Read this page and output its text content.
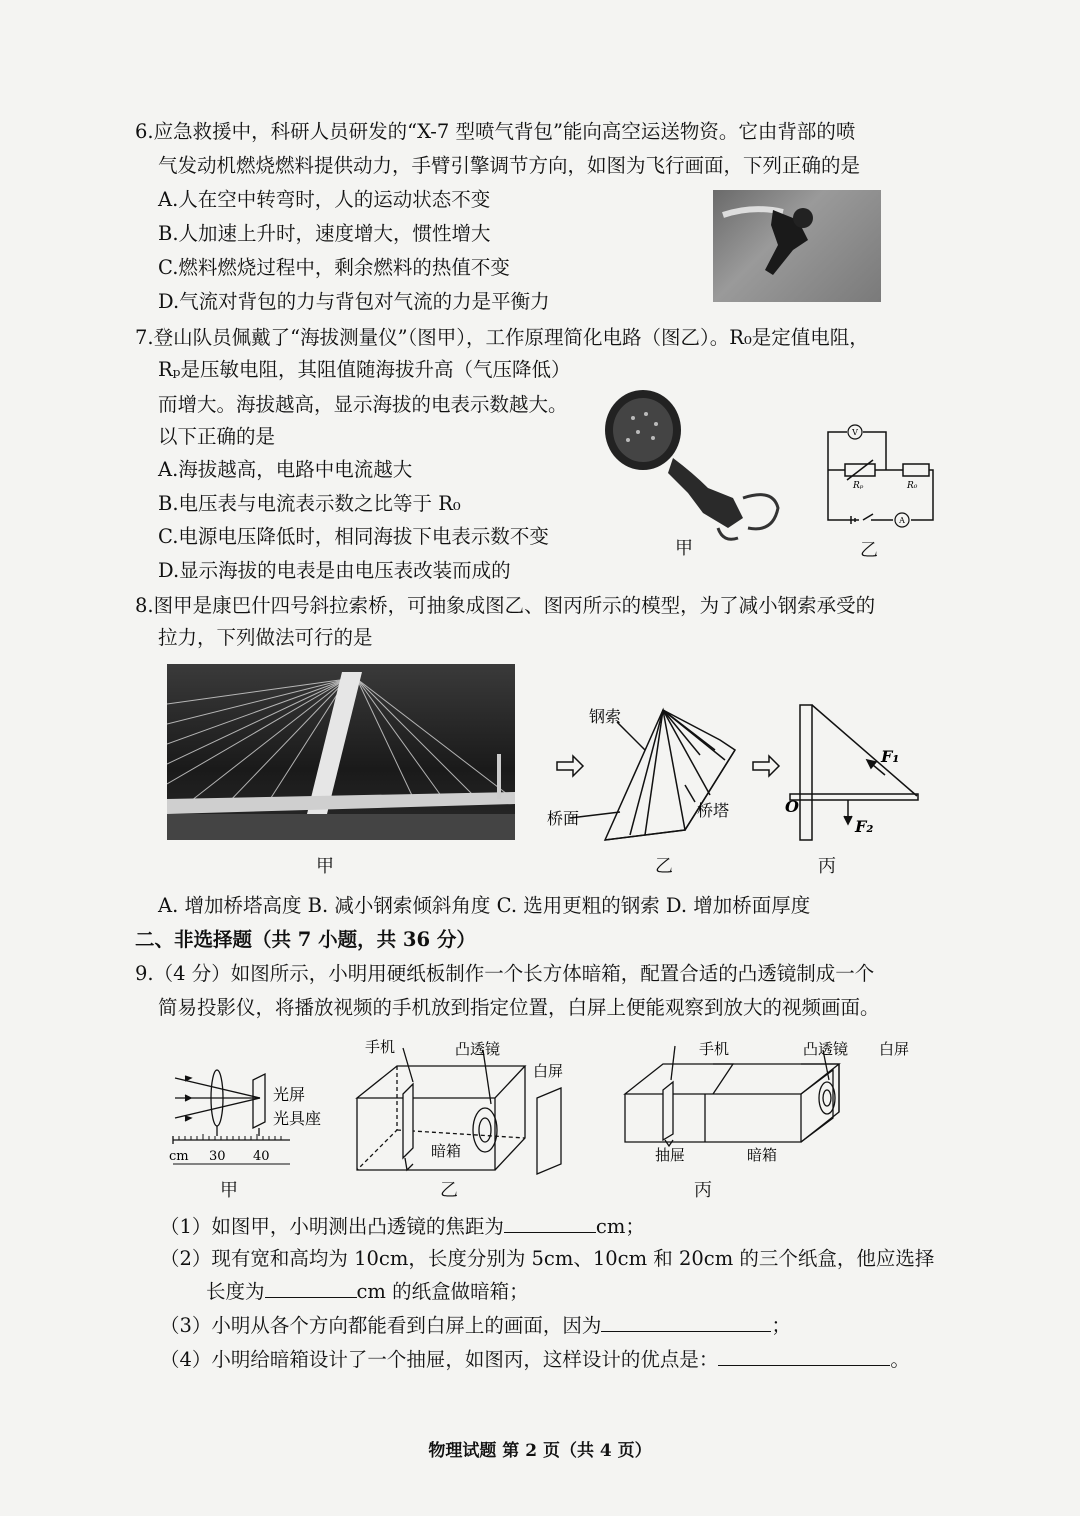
6.应急救援中，科研人员研发的“X-7 型喷气背包”能向高空运送物资。它由背部的喷
气发动机燃烧燃料提供动力，手臂引擎调节方向，如图为飞行画面，下列正确的是
A.人在空中转弯时，人的运动状态不变
B.人加速上升时，速度增大，惯性增大
C.燃料燃烧过程中，剩余燃料的热值不变
D.气流对背包的力与背包对气流的力是平衡力
7.登山队员佩戴了“海拔测量仪”（图甲），工作原理简化电路（图乙）。R₀是定值电阻，
Rₚ是压敏电阻，其阻值随海拔升高（气压降低）
而增大。海拔越高，显示海拔的电表示数越大。
以下正确的是
A.海拔越高，电路中电流越大
B.电压表与电流表示数之比等于 R₀
C.电源电压降低时，相同海拔下电表示数不变
D.显示海拔的电表是由电压表改装而成的
甲
V
A
Rₚ	R₀
乙
8.图甲是康巴什四号斜拉索桥，可抽象成图乙、图丙所示的模型，为了减小钢索承受的
拉力，下列做法可行的是
甲
钢索
桥面	桥塔	O
F₁
F₂
乙	丙
A. 增加桥塔高度 B. 减小钢索倾斜角度 C. 选用更粗的钢索 D. 增加桥面厚度
二、非选择题（共 7 小题，共 36 分）
9.（4 分）如图所示，小明用硬纸板制作一个长方体暗箱，配置合适的凸透镜制成一个
简易投影仪，将播放视频的手机放到指定位置，白屏上便能观察到放大的视频画面。
光屏
光具座
cm 30 40
甲
手机	凸透镜
白屏
暗箱
乙
手机	凸透镜 白屏
抽屉	暗箱
丙
（1）如图甲，小明测出凸透镜的焦距为	cm；
（2）现有宽和高均为 10cm，长度分别为 5cm、10cm 和 20cm 的三个纸盒，他应选择
长度为	cm 的纸盒做暗箱；
（3）小明从各个方向都能看到白屏上的画面，因为	；
（4）小明给暗箱设计了一个抽屉，如图丙，这样设计的优点是：	。
物理试题 第 2 页（共 4 页）
